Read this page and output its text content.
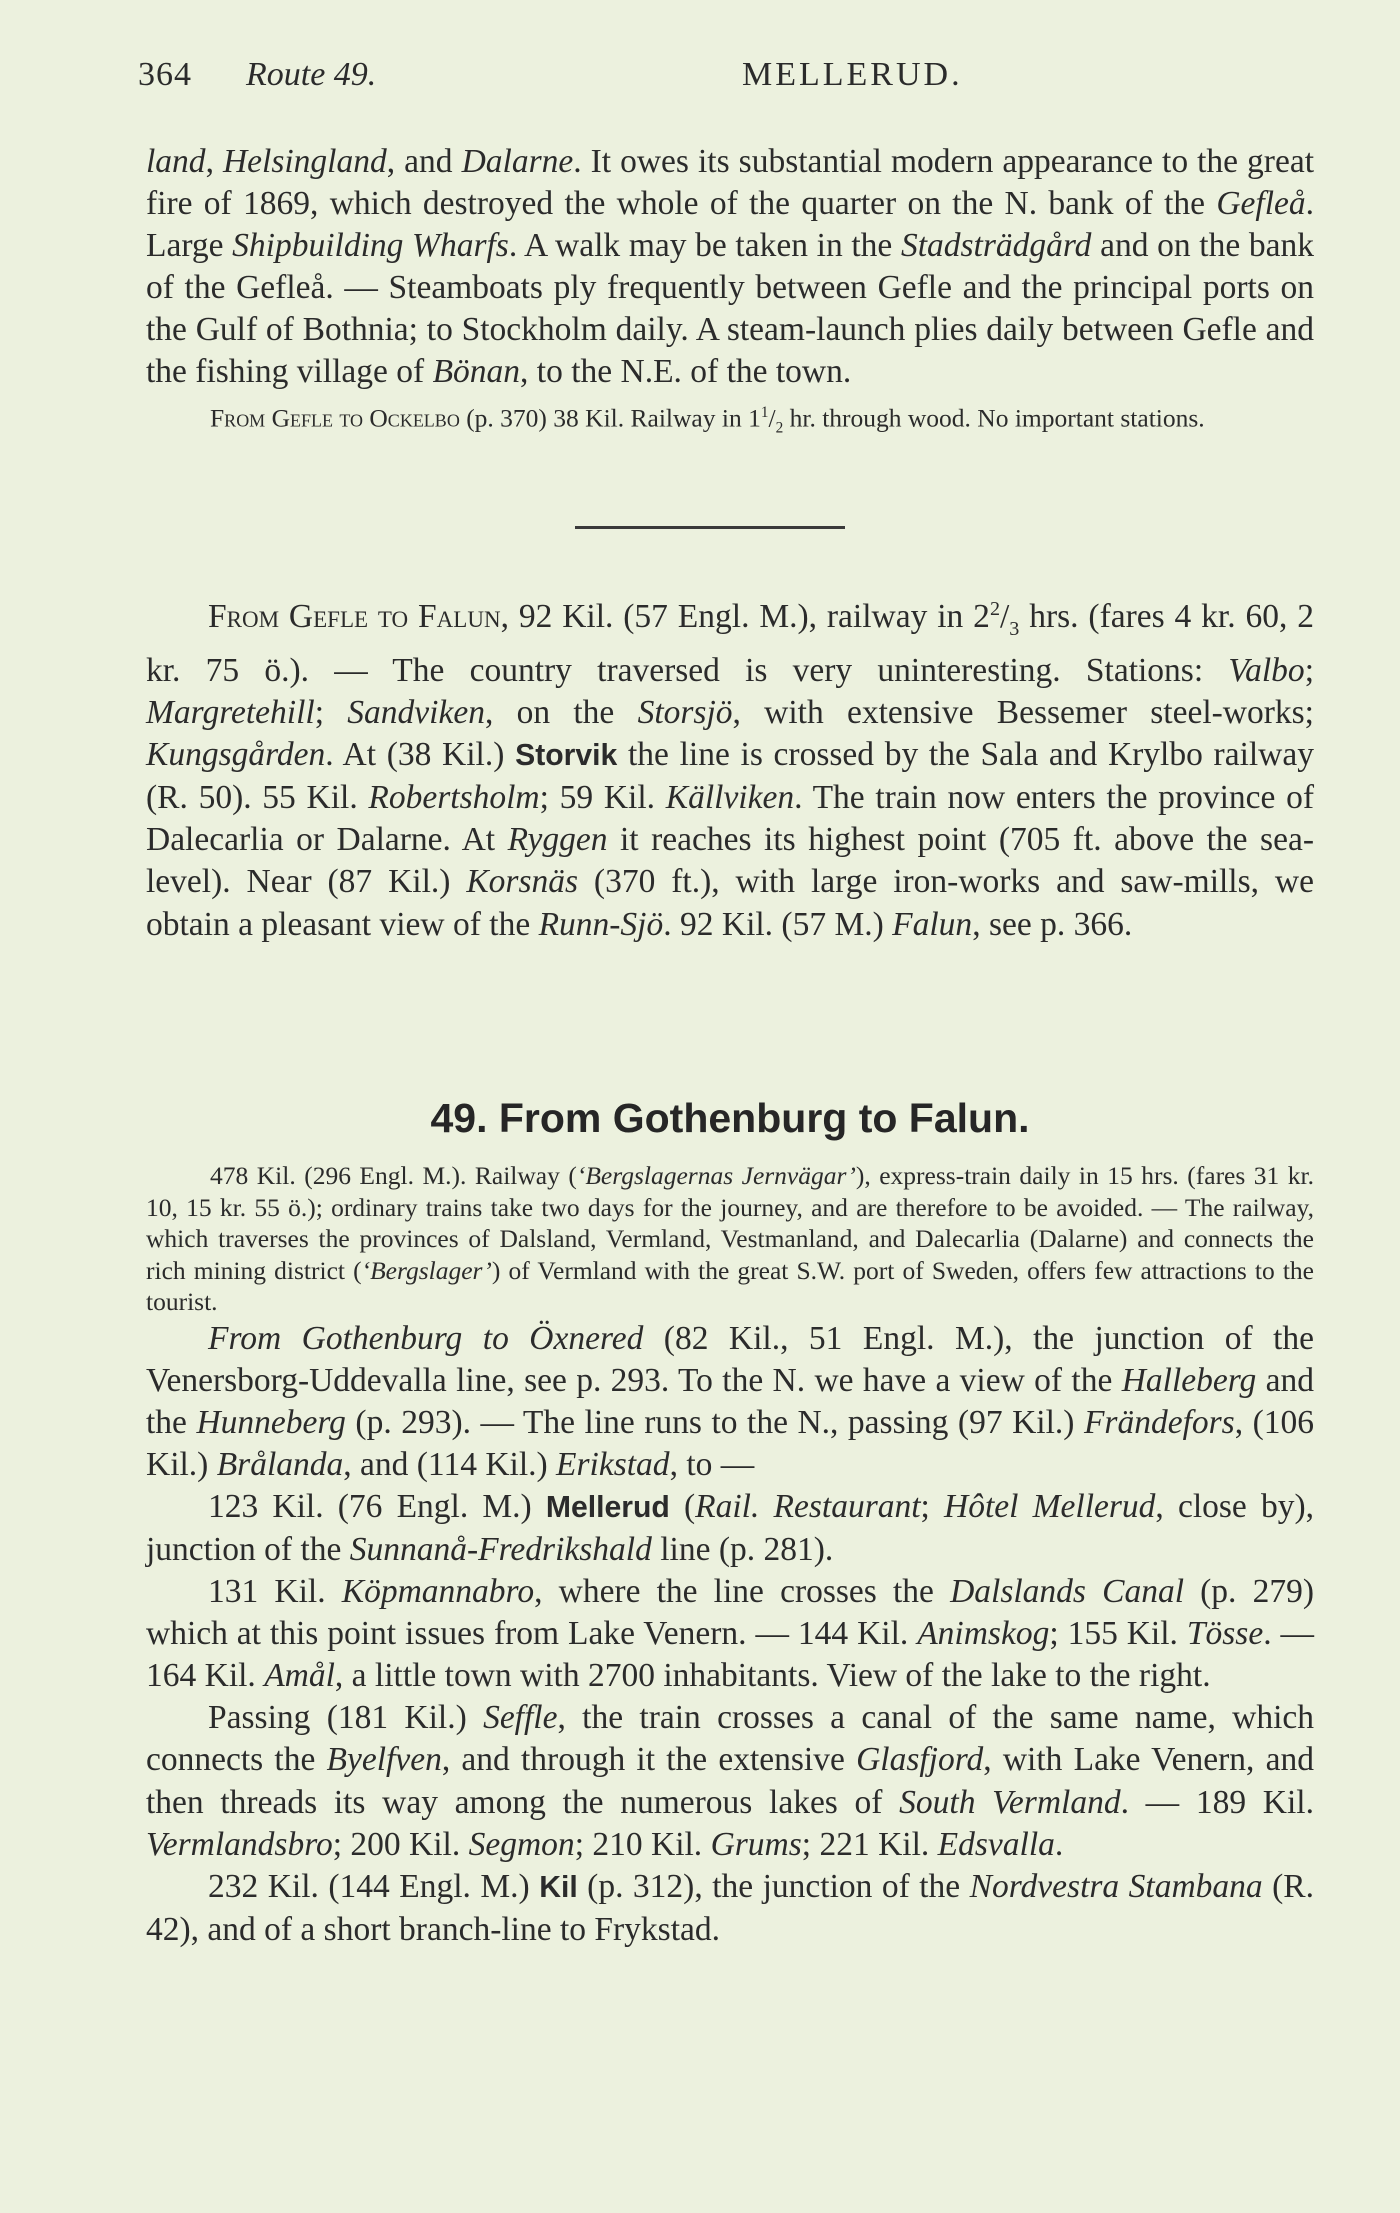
364 Route 49.	MELLERUD.

land, Helsingland, and Dalarne. It owes its substantial modern appearance to the great fire of 1869, which destroyed the whole of the quarter on the N. bank of the Gefleå. Large Shipbuilding Wharfs. A walk may be taken in the Stadsträdgård and on the bank of the Gefleå. — Steamboats ply frequently between Gefle and the principal ports on the Gulf of Bothnia; to Stockholm daily. A steam-launch plies daily between Gefle and the fishing village of Bönan, to the N.E. of the town.

From Gefle to Ockelbo (p. 370) 38 Kil. Railway in $1^1/_2$ hr. through wood. No important stations.

From Gefle to Falun, 92 Kil. (57 Engl. M.), railway in $2^2/_3$ hrs. (fares 4 kr. 60, 2 kr. 75 ö.). — The country traversed is very uninteresting. Stations: Valbo; Margretehill; Sandviken, on the Storsjö, with extensive Bessemer steel-works; Kungsgården. At (38 Kil.) Storvik the line is crossed by the Sala and Krylbo railway (R. 50). 55 Kil. Robertsholm; 59 Kil. Källviken. The train now enters the province of Dalecarlia or Dalarne. At Ryggen it reaches its highest point (705 ft. above the sea-level). Near (87 Kil.) Korsnäs (370 ft.), with large iron-works and saw-mills, we obtain a pleasant view of the Runn-Sjö. 92 Kil. (57 M.) Falun, see p. 366.

49. From Gothenburg to Falun.

478 Kil. (296 Engl. M.). Railway (‘Bergslagernas Jernvägar’), express-train daily in 15 hrs. (fares 31 kr. 10, 15 kr. 55 ö.); ordinary trains take two days for the journey, and are therefore to be avoided. — The railway, which traverses the provinces of Dalsland, Vermland, Vestmanland, and Dalecarlia (Dalarne) and connects the rich mining district (‘Bergslager’) of Vermland with the great S.W. port of Sweden, offers few attractions to the tourist.

From Gothenburg to Öxnered (82 Kil., 51 Engl. M.), the junction of the Venersborg-Uddevalla line, see p. 293. To the N. we have a view of the Halleberg and the Hunneberg (p. 293). — The line runs to the N., passing (97 Kil.) Frändefors, (106 Kil.) Brålanda, and (114 Kil.) Erikstad, to —

123 Kil. (76 Engl. M.) Mellerud (Rail. Restaurant; Hôtel Mellerud, close by), junction of the Sunnanå-Fredrikshald line (p. 281).

131 Kil. Köpmannabro, where the line crosses the Dalslands Canal (p. 279) which at this point issues from Lake Venern. — 144 Kil. Animskog; 155 Kil. Tösse. — 164 Kil. Amål, a little town with 2700 inhabitants. View of the lake to the right.

Passing (181 Kil.) Seffle, the train crosses a canal of the same name, which connects the Byelfven, and through it the extensive Glasfjord, with Lake Venern, and then threads its way among the numerous lakes of South Vermland. — 189 Kil. Vermlandsbro; 200 Kil. Segmon; 210 Kil. Grums; 221 Kil. Edsvalla.

232 Kil. (144 Engl. M.) Kil (p. 312), the junction of the Nordvestra Stambana (R. 42), and of a short branch-line to Frykstad.
